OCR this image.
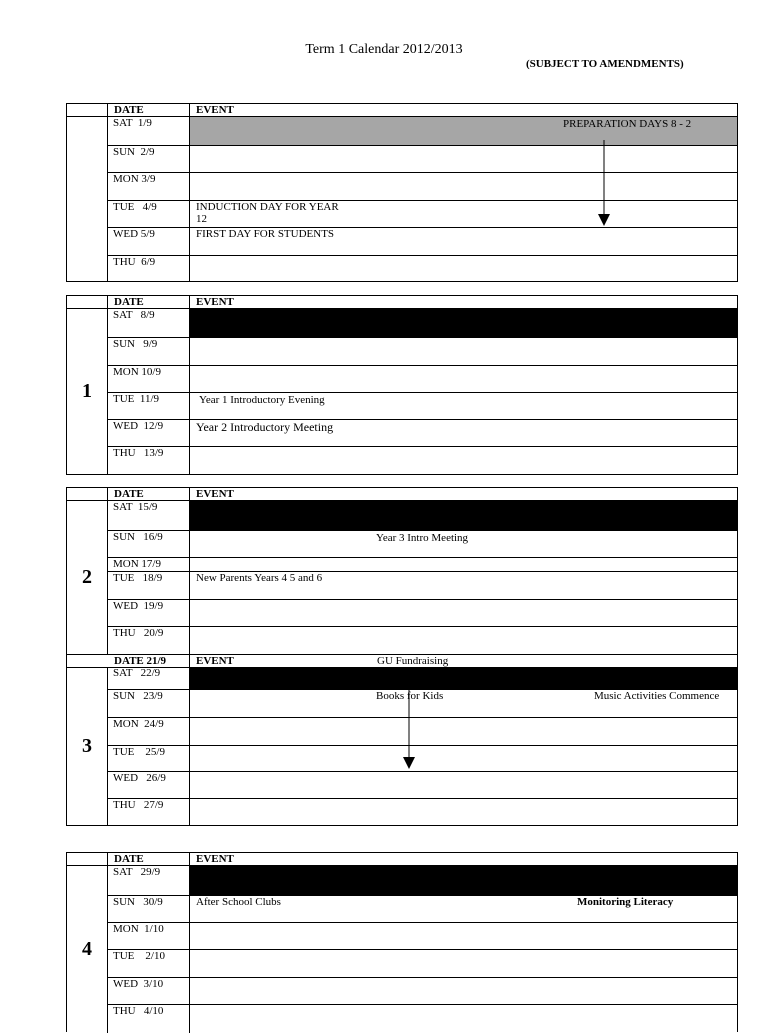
Term 1 Calendar 2012/2013
(SUBJECT TO AMENDMENTS)
DATE	EVENT
SAT  1/9	PREPARATION DAYS 8 - 2
SUN  2/9
MON 3/9
TUE   4/9	INDUCTION DAY FOR YEAR
12
WED 5/9	FIRST DAY FOR STUDENTS
THU  6/9
DATE	EVENT
1
SAT   8/9
SUN   9/9
MON 10/9
TUE  11/9	Year 1 Introductory Evening
WED  12/9	Year 2 Introductory Meeting
THU   13/9
DATE	EVENT
2
SAT  15/9
SUN   16/9	Year 3 Intro Meeting
MON 17/9
TUE   18/9	New Parents Years 4 5 and 6
WED  19/9
THU   20/9
DATE 21/9	EVENT	GU Fundraising
3
SAT   22/9
SUN   23/9	Books for Kids	Music Activities Commence
MON  24/9
TUE    25/9
WED   26/9
THU   27/9
DATE	EVENT
4
SAT   29/9
SUN   30/9	After School Clubs	Monitoring Literacy
MON  1/10
TUE    2/10
WED  3/10
THU   4/10
